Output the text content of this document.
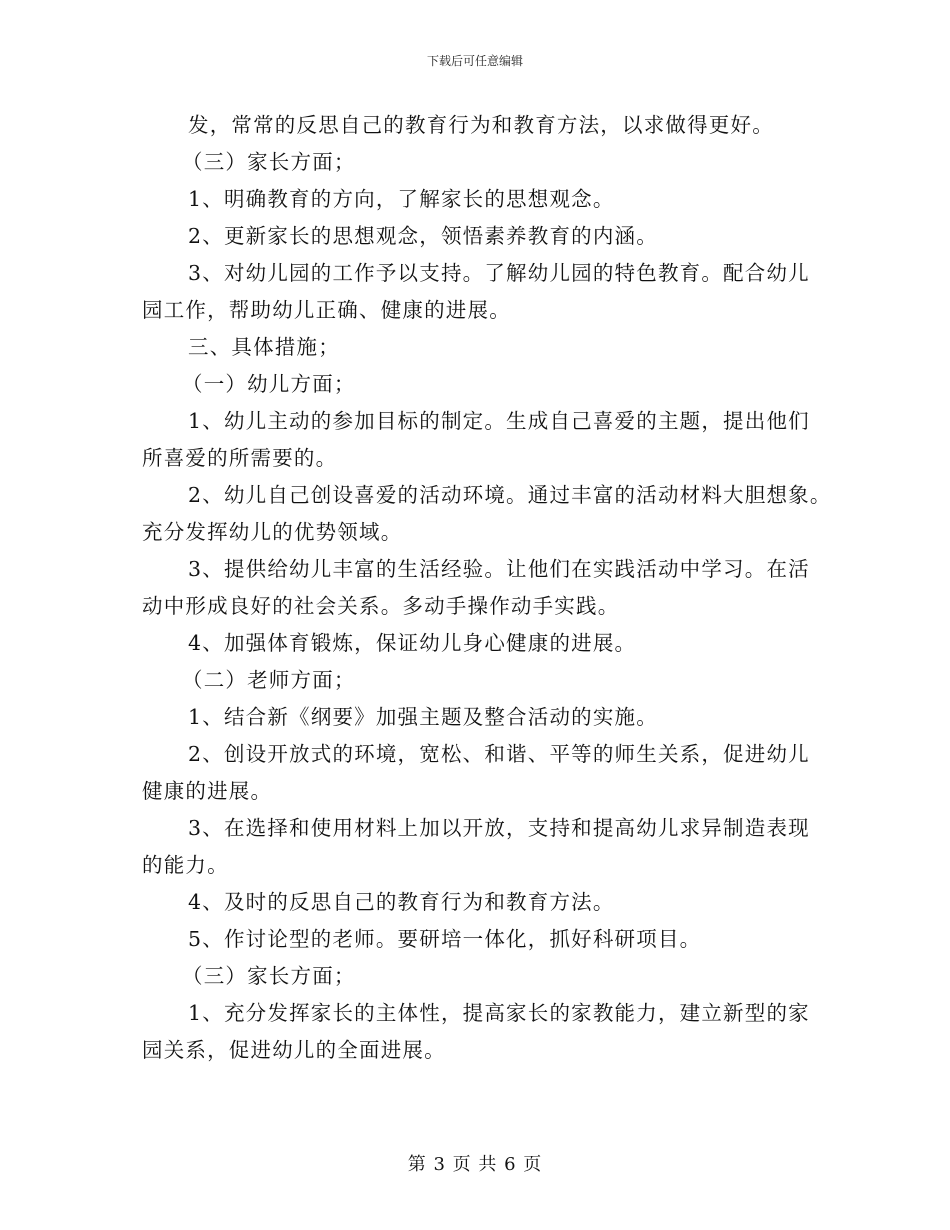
下载后可任意编辑

发，常常的反思自己的教育行为和教育方法，以求做得更好。

（三）家长方面；

1、明确教育的方向，了解家长的思想观念。

2、更新家长的思想观念，领悟素养教育的内涵。

3、对幼儿园的工作予以支持。了解幼儿园的特色教育。配合幼儿

园工作，帮助幼儿正确、健康的进展。

三、具体措施；

（一）幼儿方面；

1、幼儿主动的参加目标的制定。生成自己喜爱的主题，提出他们

所喜爱的所需要的。

2、幼儿自己创设喜爱的活动环境。通过丰富的活动材料大胆想象。

充分发挥幼儿的优势领域。

3、提供给幼儿丰富的生活经验。让他们在实践活动中学习。在活

动中形成良好的社会关系。多动手操作动手实践。

4、加强体育锻炼，保证幼儿身心健康的进展。

（二）老师方面；

1、结合新《纲要》加强主题及整合活动的实施。

2、创设开放式的环境，宽松、和谐、平等的师生关系，促进幼儿

健康的进展。

3、在选择和使用材料上加以开放，支持和提高幼儿求异制造表现

的能力。

4、及时的反思自己的教育行为和教育方法。

5、作讨论型的老师。要研培一体化，抓好科研项目。

（三）家长方面；

1、充分发挥家长的主体性，提高家长的家教能力，建立新型的家

园关系，促进幼儿的全面进展。

第 3 页 共 6 页
